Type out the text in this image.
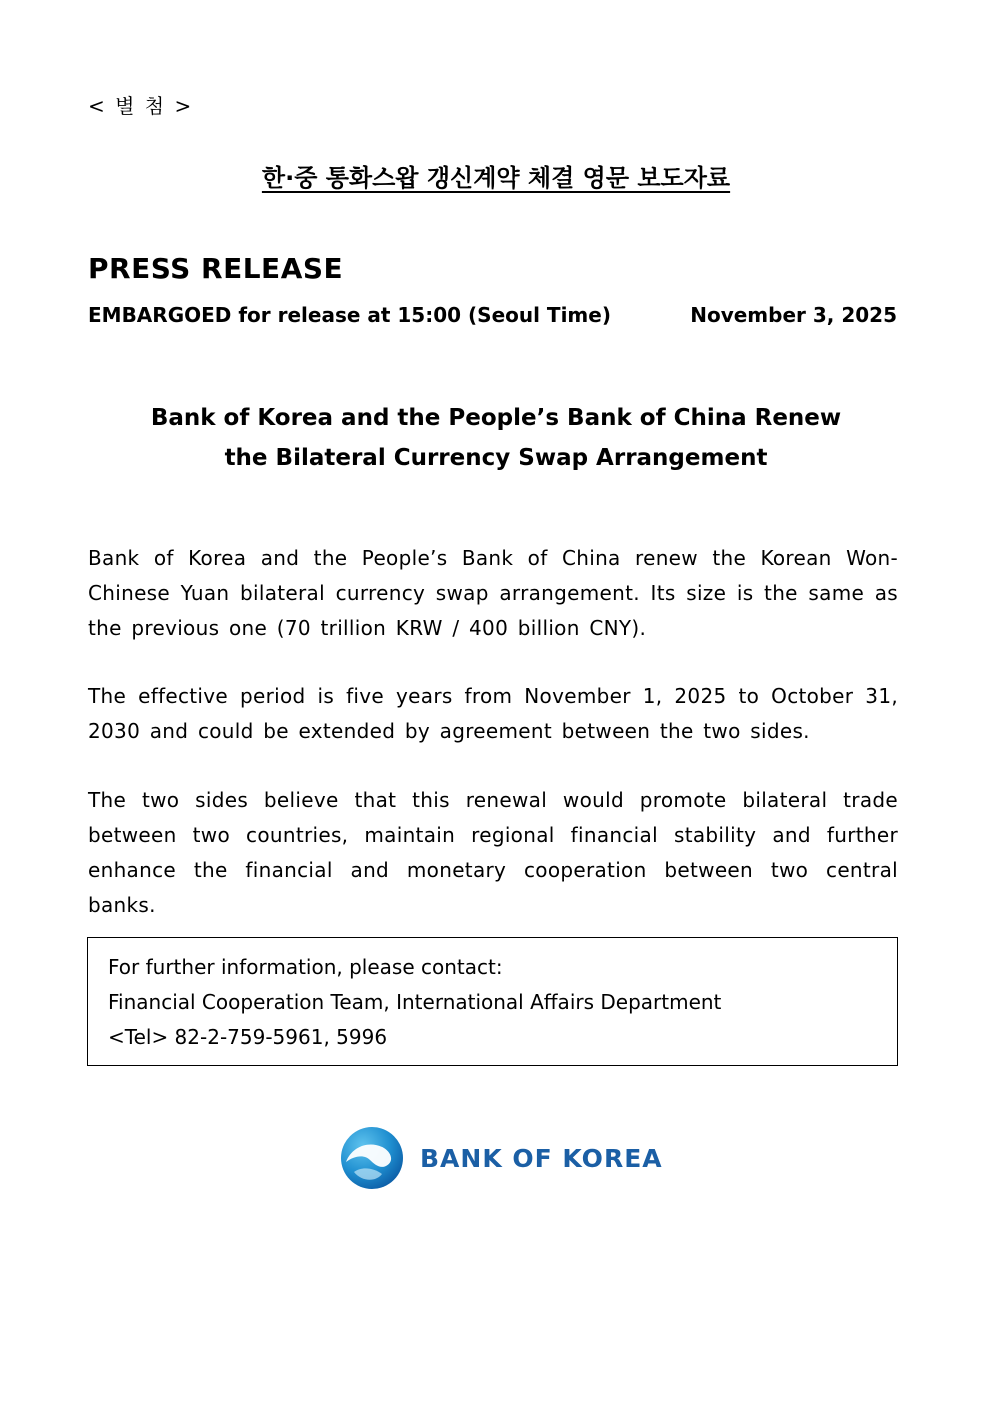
< 별 첨 >
한·중 통화스왑 갱신계약 체결 영문 보도자료
PRESS RELEASE
EMBARGOED for release at 15:00 (Seoul Time)	November 3, 2025
Bank of Korea and the People’s Bank of China Renew
the Bilateral Currency Swap Arrangement
Bank of Korea and the People’s Bank of China renew the Korean Won-Chinese Yuan bilateral currency swap arrangement. Its size is the same as the previous one (70 trillion KRW / 400 billion CNY).
The effective period is five years from November 1, 2025 to October 31, 2030 and could be extended by agreement between the two sides.
The two sides believe that this renewal would promote bilateral trade between two countries, maintain regional financial stability and further enhance the financial and monetary cooperation between two central banks.
For further information, please contact:
Financial Cooperation Team, International Affairs Department
<Tel> 82-2-759-5961, 5996
BANK OF KOREA
